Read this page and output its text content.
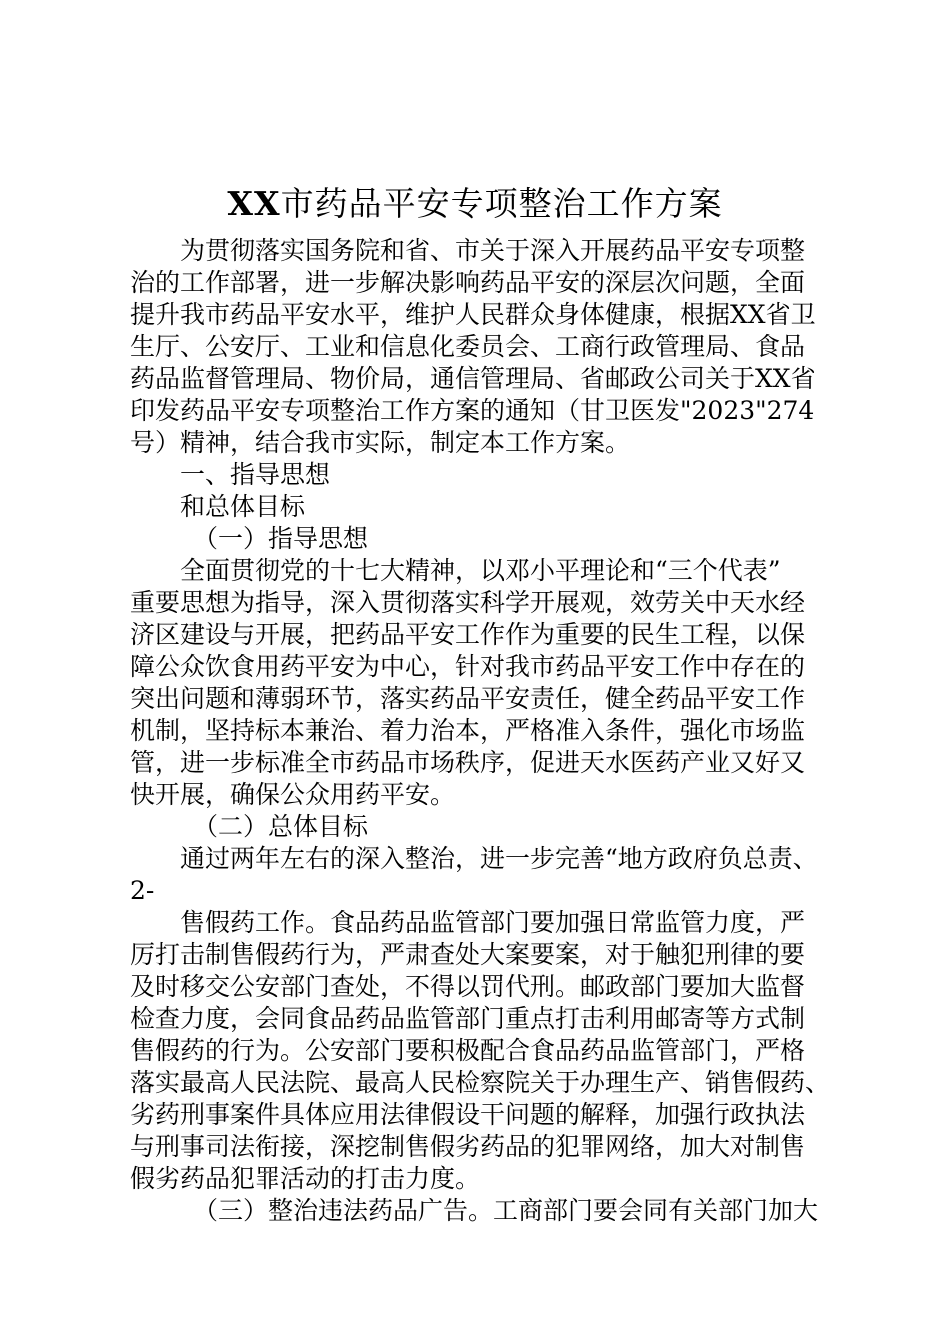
XX市药品平安专项整治工作方案
为贯彻落实国务院和省、市关于深入开展药品平安专项整
治的工作部署，进一步解决影响药品平安的深层次问题，全面
提升我市药品平安水平，维护人民群众身体健康，根据XX省卫
生厅、公安厅、工业和信息化委员会、工商行政管理局、食品
药品监督管理局、物价局，通信管理局、省邮政公司关于XX省
印发药品平安专项整治工作方案的通知（甘卫医发"2023"274
号）精神，结合我市实际，制定本工作方案。
一、指导思想
和总体目标
（一）指导思想
全面贯彻党的十七大精神，以邓小平理论和“三个代表”
重要思想为指导，深入贯彻落实科学开展观，效劳关中天水经
济区建设与开展，把药品平安工作作为重要的民生工程，以保
障公众饮食用药平安为中心，针对我市药品平安工作中存在的
突出问题和薄弱环节，落实药品平安责任，健全药品平安工作
机制，坚持标本兼治、着力治本，严格准入条件，强化市场监
管，进一步标准全市药品市场秩序，促进天水医药产业又好又
快开展，确保公众用药平安。
（二）总体目标
通过两年左右的深入整治，进一步完善“地方政府负总责、
2-
售假药工作。食品药品监管部门要加强日常监管力度，严
厉打击制售假药行为，严肃查处大案要案，对于触犯刑律的要
及时移交公安部门查处，不得以罚代刑。邮政部门要加大监督
检查力度，会同食品药品监管部门重点打击利用邮寄等方式制
售假药的行为。公安部门要积极配合食品药品监管部门，严格
落实最高人民法院、最高人民检察院关于办理生产、销售假药、
劣药刑事案件具体应用法律假设干问题的解释，加强行政执法
与刑事司法衔接，深挖制售假劣药品的犯罪网络，加大对制售
假劣药品犯罪活动的打击力度。
（三）整治违法药品广告。工商部门要会同有关部门加大
